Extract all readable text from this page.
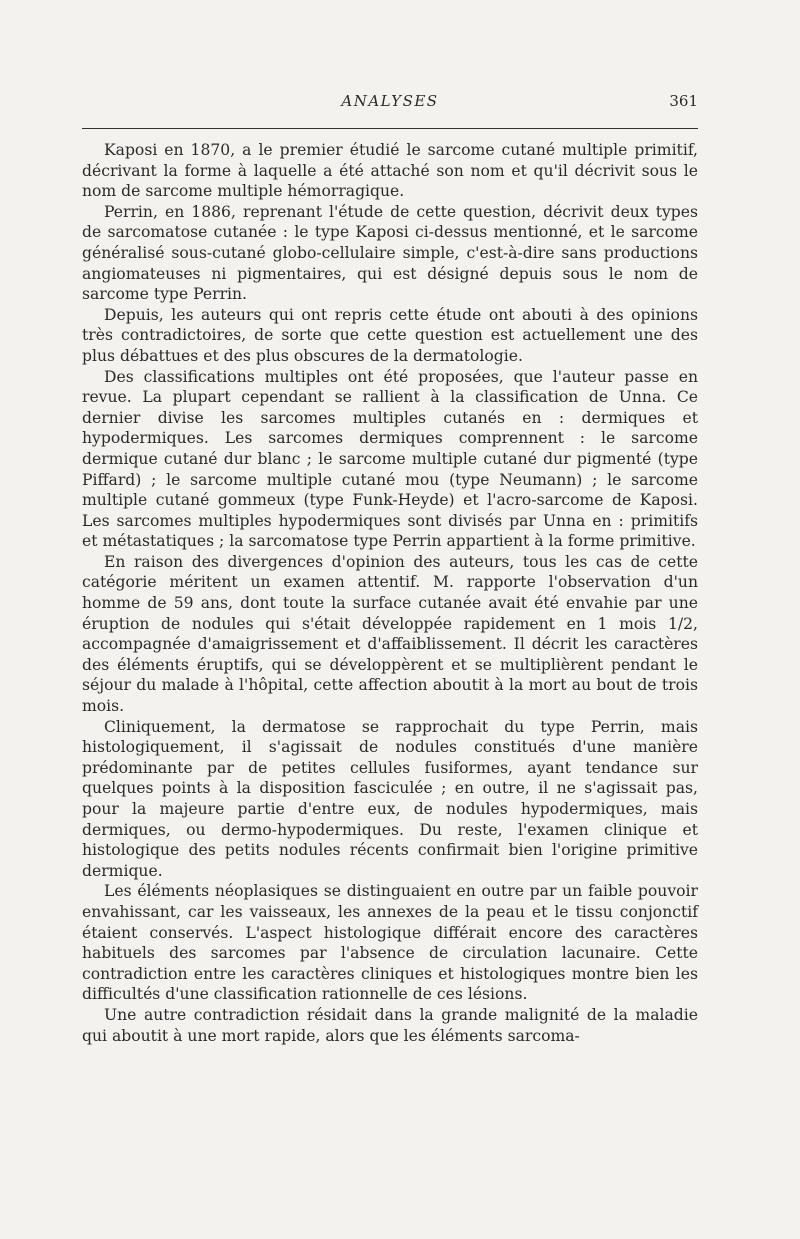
ANALYSES	361

Kaposi en 1870, a le premier étudié le sarcome cutané multiple primitif, décrivant la forme à laquelle a été attaché son nom et qu'il décrivit sous le nom de sarcome multiple hémorragique.

Perrin, en 1886, reprenant l'étude de cette question, décrivit deux types de sarcomatose cutanée : le type Kaposi ci-dessus mentionné, et le sarcome généralisé sous-cutané globo-cellulaire simple, c'est-à-dire sans productions angiomateuses ni pigmentaires, qui est désigné depuis sous le nom de sarcome type Perrin.

Depuis, les auteurs qui ont repris cette étude ont abouti à des opinions très contradictoires, de sorte que cette question est actuellement une des plus débattues et des plus obscures de la dermatologie.

Des classifications multiples ont été proposées, que l'auteur passe en revue. La plupart cependant se rallient à la classification de Unna. Ce dernier divise les sarcomes multiples cutanés en : dermiques et hypodermiques. Les sarcomes dermiques comprennent : le sarcome dermique cutané dur blanc ; le sarcome multiple cutané dur pigmenté (type Piffard) ; le sarcome multiple cutané mou (type Neumann) ; le sarcome multiple cutané gommeux (type Funk-Heyde) et l'acro-sarcome de Kaposi. Les sarcomes multiples hypodermiques sont divisés par Unna en : primitifs et métastatiques ; la sarcomatose type Perrin appartient à la forme primitive.

En raison des divergences d'opinion des auteurs, tous les cas de cette catégorie méritent un examen attentif. M. rapporte l'observation d'un homme de 59 ans, dont toute la surface cutanée avait été envahie par une éruption de nodules qui s'était développée rapidement en 1 mois 1/2, accompagnée d'amaigrissement et d'affaiblissement. Il décrit les caractères des éléments éruptifs, qui se développèrent et se multiplièrent pendant le séjour du malade à l'hôpital, cette affection aboutit à la mort au bout de trois mois.

Cliniquement, la dermatose se rapprochait du type Perrin, mais histologiquement, il s'agissait de nodules constitués d'une manière prédominante par de petites cellules fusiformes, ayant tendance sur quelques points à la disposition fasciculée ; en outre, il ne s'agissait pas, pour la majeure partie d'entre eux, de nodules hypodermiques, mais dermiques, ou dermo-hypodermiques. Du reste, l'examen clinique et histologique des petits nodules récents confirmait bien l'origine primitive dermique.

Les éléments néoplasiques se distinguaient en outre par un faible pouvoir envahissant, car les vaisseaux, les annexes de la peau et le tissu conjonctif étaient conservés. L'aspect histologique différait encore des caractères habituels des sarcomes par l'absence de circulation lacunaire. Cette contradiction entre les caractères cliniques et histologiques montre bien les difficultés d'une classification rationnelle de ces lésions.

Une autre contradiction résidait dans la grande malignité de la maladie qui aboutit à une mort rapide, alors que les éléments sarcoma-
